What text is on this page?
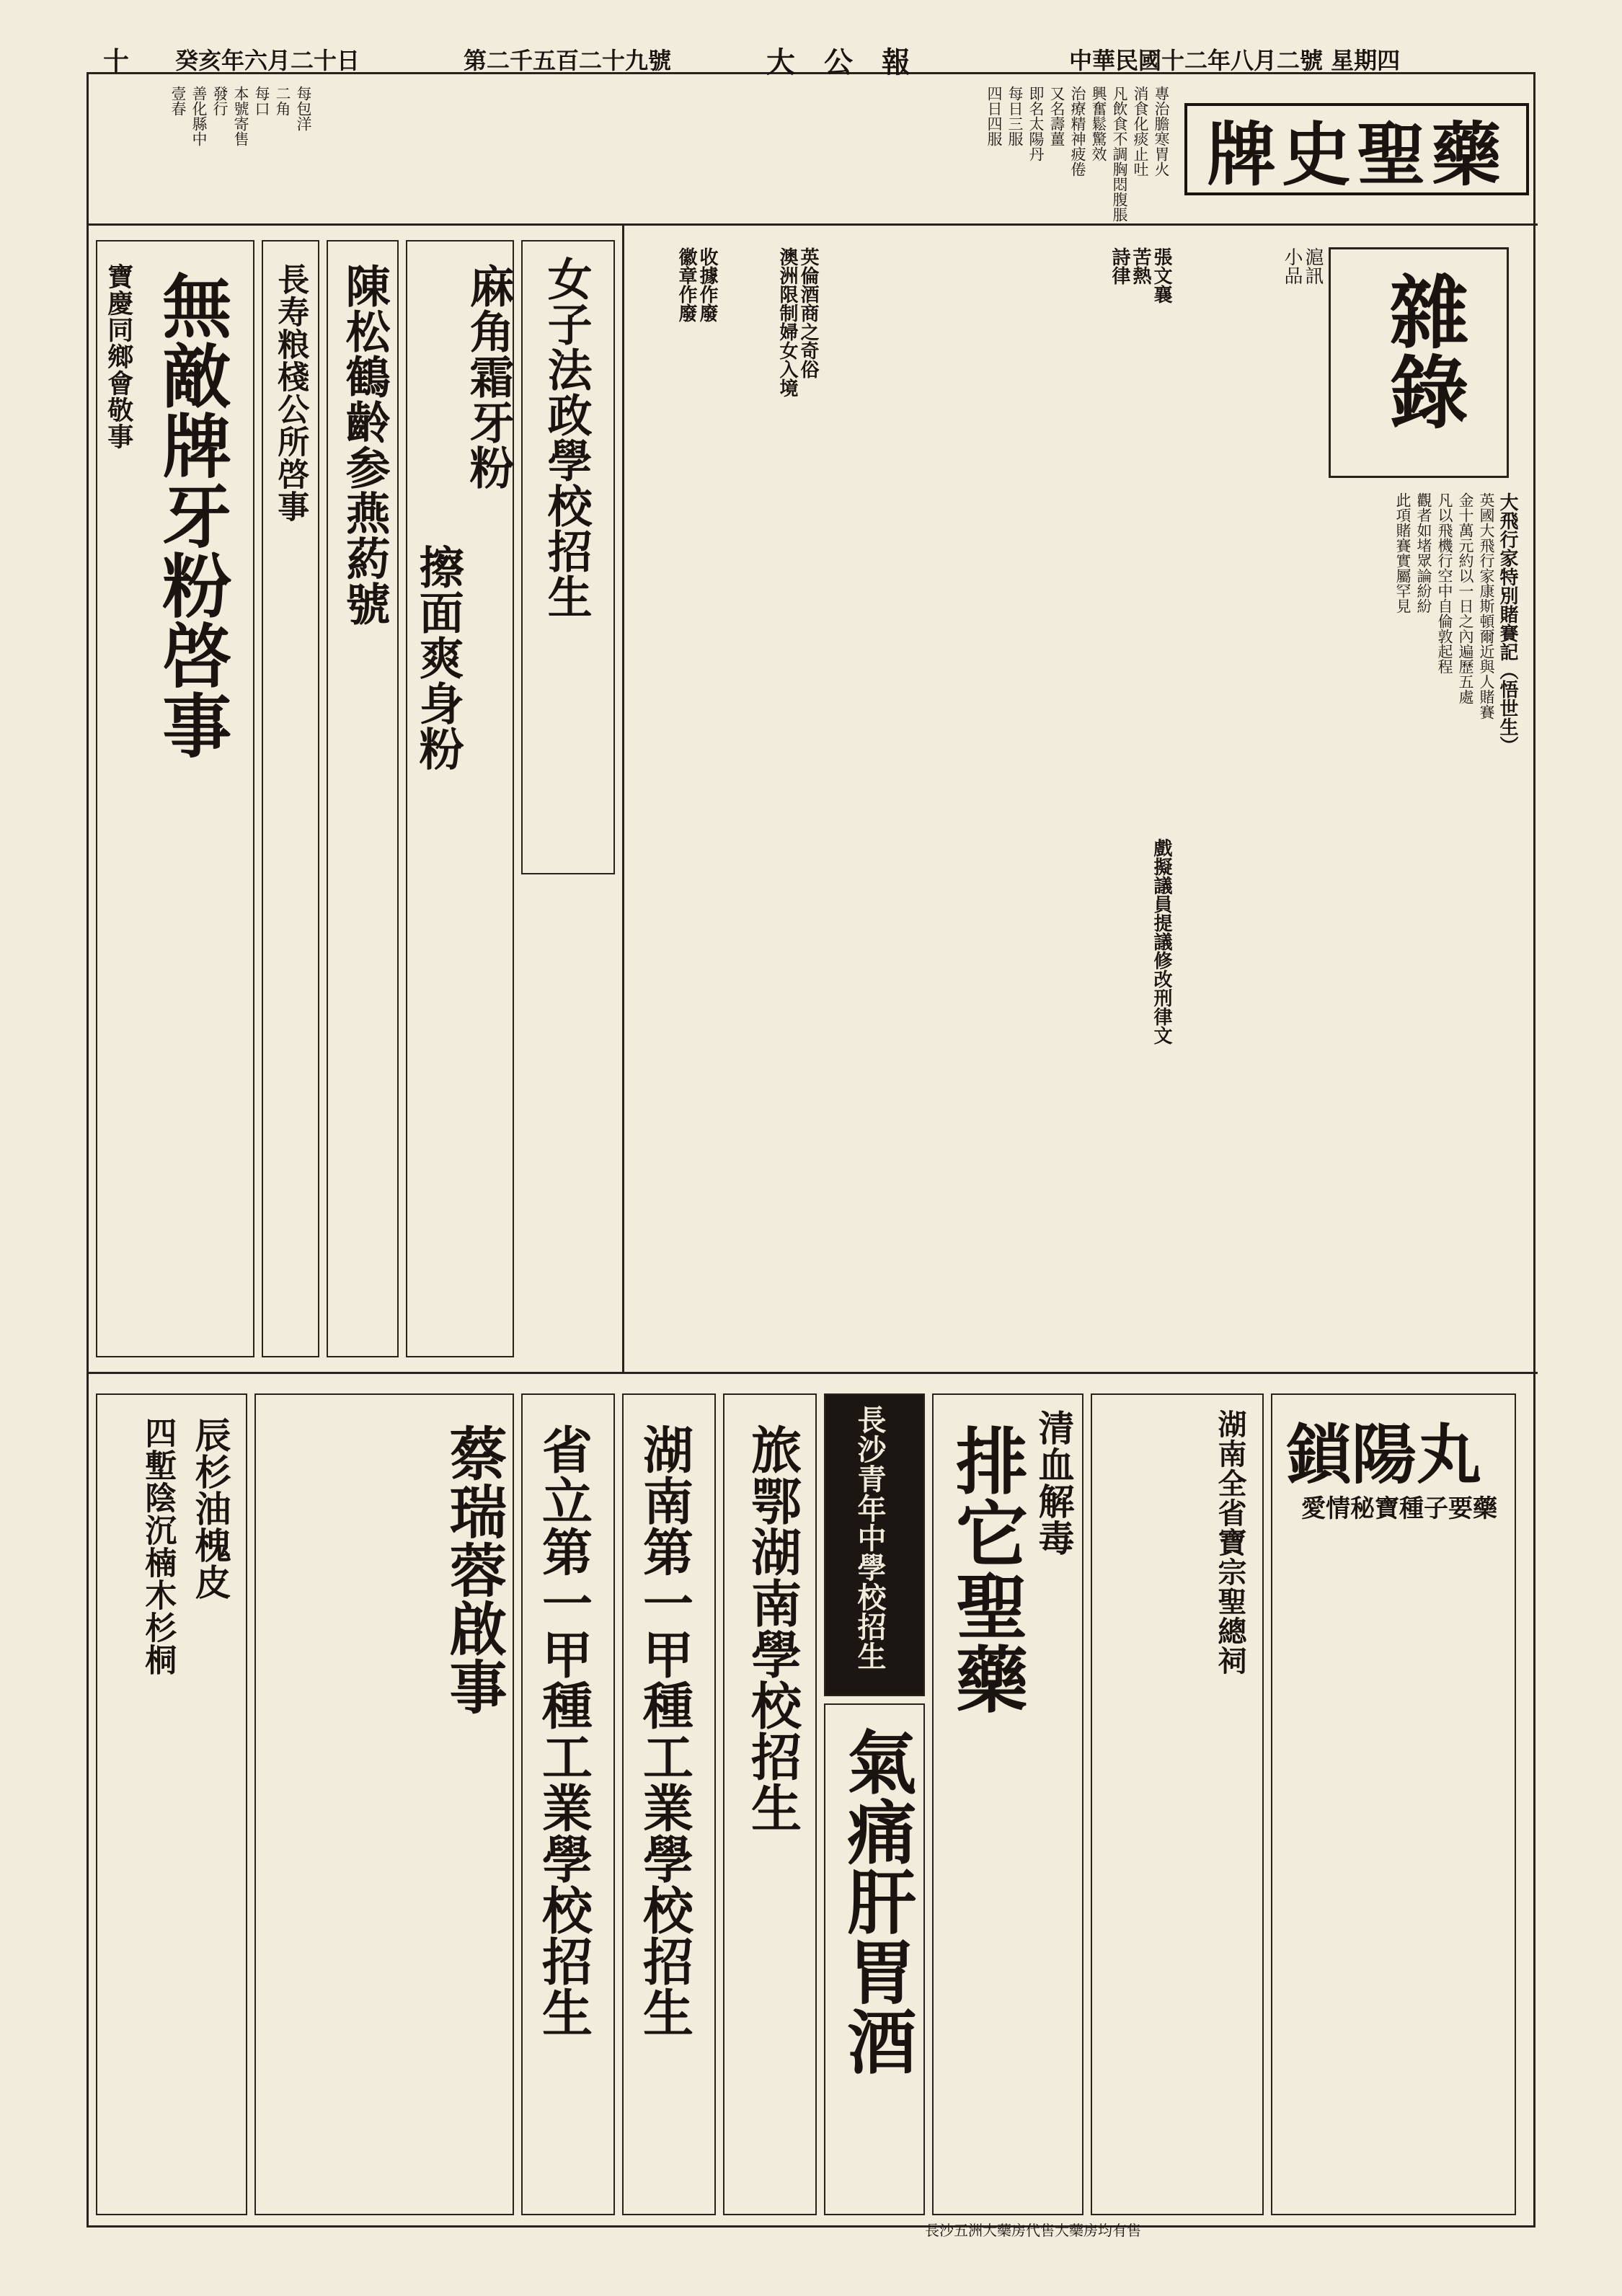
十 癸亥年六月二十日	第二千五百二十九號	大公報	中華民國十二年八月二號 星期四
牌史聖藥
專治膽寒胃火
消食化痰止吐
凡飲食不調胸悶腹脹
興奮鬆驚效
治療精神疲倦
又名壽薑
即名太陽丹
每日三服
四日四服
每包洋
二角
每口
本號寄售
發行
善化縣中
壹春
雜錄
滬訊
小品
大飛行家特別賭賽記（悟世生）
英國大飛行家康斯頓爾近與人賭賽
金十萬元約以一日之內遍歷五處
凡以飛機行空中自倫敦起程
觀者如堵眾論紛紛
此項賭賽實屬罕見
張文襄
苦熱
詩律
戲擬議員提議修改刑律文
英倫酒商之奇俗
澳洲限制婦女入境
收據作廢
徽章作廢
女子法政學校招生
麻角霜牙粉
擦面爽身粉
陳松鶴齡参燕葯號
長寿粮棧公所啓事
無敵牌牙粉啓事
寶慶同鄉會敬事
鎖陽丸
愛情秘寶種子要藥
湖南全省寶宗聖總祠
排它聖藥 清血解毒
氣痛肝胃酒
長沙青年中學校招生
旅鄂湖南學校招生
湖南第一甲種工業學校招生
省立第一甲種工業學校招生
蔡瑞蓉啟事
辰杉油槐皮
四塹陰沉楠木杉桐
長沙五洲大藥房代售大藥房均有售
